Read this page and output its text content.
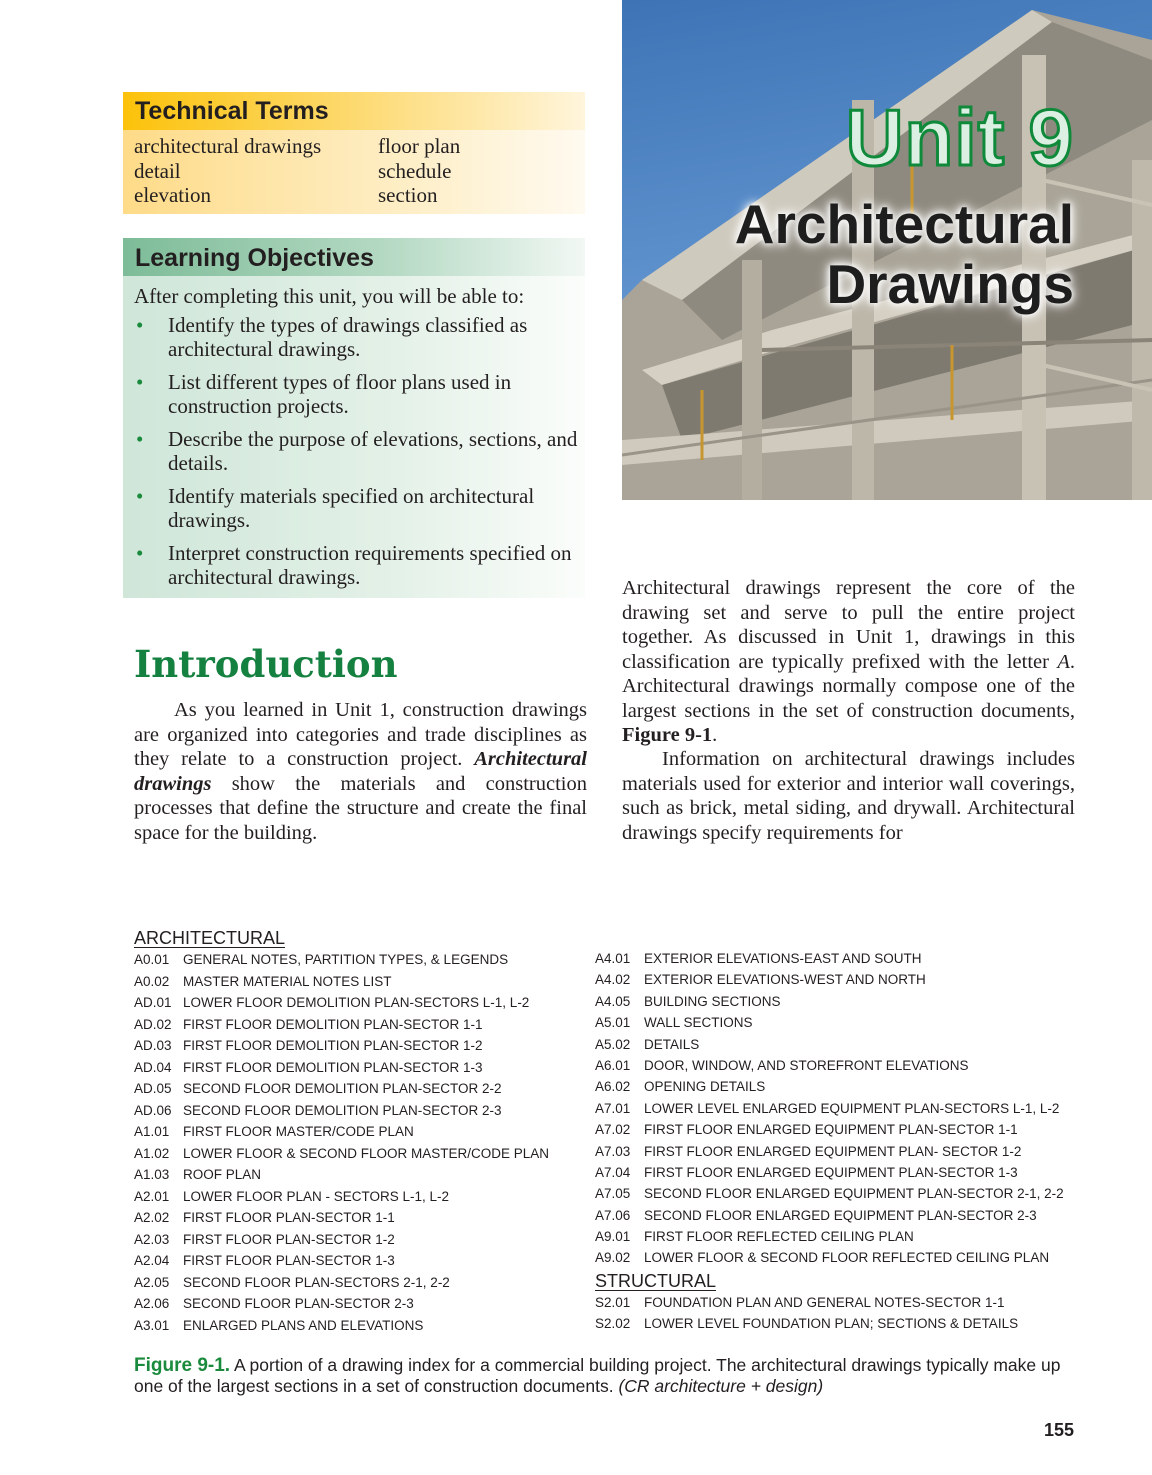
Technical Terms
architectural drawings	floor plan
detail	schedule
elevation	section
Learning Objectives
After completing this unit, you will be able to:
• Identify the types of drawings classified as architectural drawings.
• List different types of floor plans used in construction projects.
• Describe the purpose of elevations, sections, and details.
• Identify materials specified on architectural drawings.
• Interpret construction requirements specified on architectural drawings.
Unit 9
Architectural
Drawings
Introduction

As you learned in Unit 1, construction drawings are organized into categories and trade disciplines as they relate to a construction project. Architectural drawings show the materials and construction processes that define the structure and create the final space for the building.

Architectural drawings represent the core of the drawing set and serve to pull the entire project together. As discussed in Unit 1, drawings in this classification are typically prefixed with the letter A. Architectural drawings normally compose one of the largest sections in the set of construction documents, Figure 9-1.

Information on architectural drawings includes materials used for exterior and interior wall coverings, such as brick, metal siding, and drywall. Architectural drawings specify requirements for

ARCHITECTURAL
A0.01 GENERAL NOTES, PARTITION TYPES, & LEGENDS
A0.02 MASTER MATERIAL NOTES LIST
AD.01 LOWER FLOOR DEMOLITION PLAN-SECTORS L-1, L-2
AD.02 FIRST FLOOR DEMOLITION PLAN-SECTOR 1-1
AD.03 FIRST FLOOR DEMOLITION PLAN-SECTOR 1-2
AD.04 FIRST FLOOR DEMOLITION PLAN-SECTOR 1-3
AD.05 SECOND FLOOR DEMOLITION PLAN-SECTOR 2-2
AD.06 SECOND FLOOR DEMOLITION PLAN-SECTOR 2-3
A1.01 FIRST FLOOR MASTER/CODE PLAN
A1.02 LOWER FLOOR & SECOND FLOOR MASTER/CODE PLAN
A1.03 ROOF PLAN
A2.01 LOWER FLOOR PLAN - SECTORS L-1, L-2
A2.02 FIRST FLOOR PLAN-SECTOR 1-1
A2.03 FIRST FLOOR PLAN-SECTOR 1-2
A2.04 FIRST FLOOR PLAN-SECTOR 1-3
A2.05 SECOND FLOOR PLAN-SECTORS 2-1, 2-2
A2.06 SECOND FLOOR PLAN-SECTOR 2-3
A3.01 ENLARGED PLANS AND ELEVATIONS
A4.01 EXTERIOR ELEVATIONS-EAST AND SOUTH
A4.02 EXTERIOR ELEVATIONS-WEST AND NORTH
A4.05 BUILDING SECTIONS
A5.01 WALL SECTIONS
A5.02 DETAILS
A6.01 DOOR, WINDOW, AND STOREFRONT ELEVATIONS
A6.02 OPENING DETAILS
A7.01 LOWER LEVEL ENLARGED EQUIPMENT PLAN-SECTORS L-1, L-2
A7.02 FIRST FLOOR ENLARGED EQUIPMENT PLAN-SECTOR 1-1
A7.03 FIRST FLOOR ENLARGED EQUIPMENT PLAN- SECTOR 1-2
A7.04 FIRST FLOOR ENLARGED EQUIPMENT PLAN-SECTOR 1-3
A7.05 SECOND FLOOR ENLARGED EQUIPMENT PLAN-SECTOR 2-1, 2-2
A7.06 SECOND FLOOR ENLARGED EQUIPMENT PLAN-SECTOR 2-3
A9.01 FIRST FLOOR REFLECTED CEILING PLAN
A9.02 LOWER FLOOR & SECOND FLOOR REFLECTED CEILING PLAN
STRUCTURAL
S2.01 FOUNDATION PLAN AND GENERAL NOTES-SECTOR 1-1
S2.02 LOWER LEVEL FOUNDATION PLAN; SECTIONS & DETAILS
Figure 9-1. A portion of a drawing index for a commercial building project. The architectural drawings typically make up one of the largest sections in a set of construction documents. (CR architecture + design)
155
